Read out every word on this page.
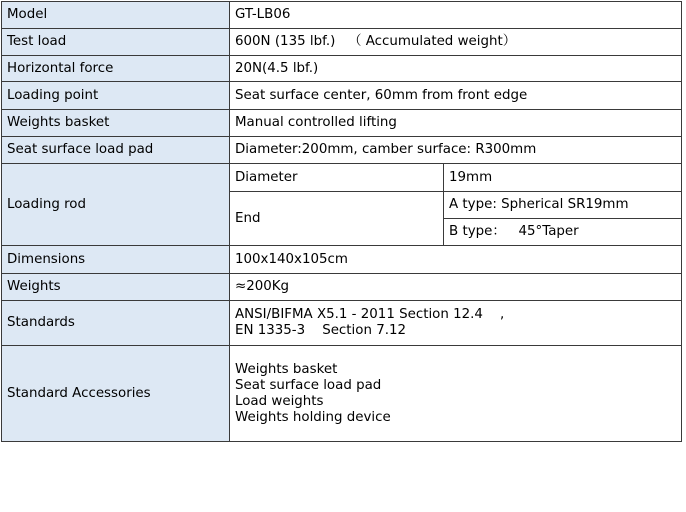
Model	GT-LB06	
Test load	600N (135 lbf.)   （ Accumulated weight）	
Horizontal force	20N(4.5 lbf.)	
Loading point	Seat surface center, 60mm from front edge	
Weights basket	Manual controlled lifting	
Seat surface load pad	Diameter:200mm, camber surface: R300mm	
Loading rod	Diameter	19mm
	End	A type: Spherical SR19mm
		B type：   45°Taper
Dimensions	100x140x105cm	
Weights	≈200Kg	
Standards	ANSI/BIFMA X5.1 - 2011 Section 12.4    ,
EN 1335-3    Section 7.12	

Standard Accessories	Weights basket
Seat surface load pad
Load weights
Weights holding device	
